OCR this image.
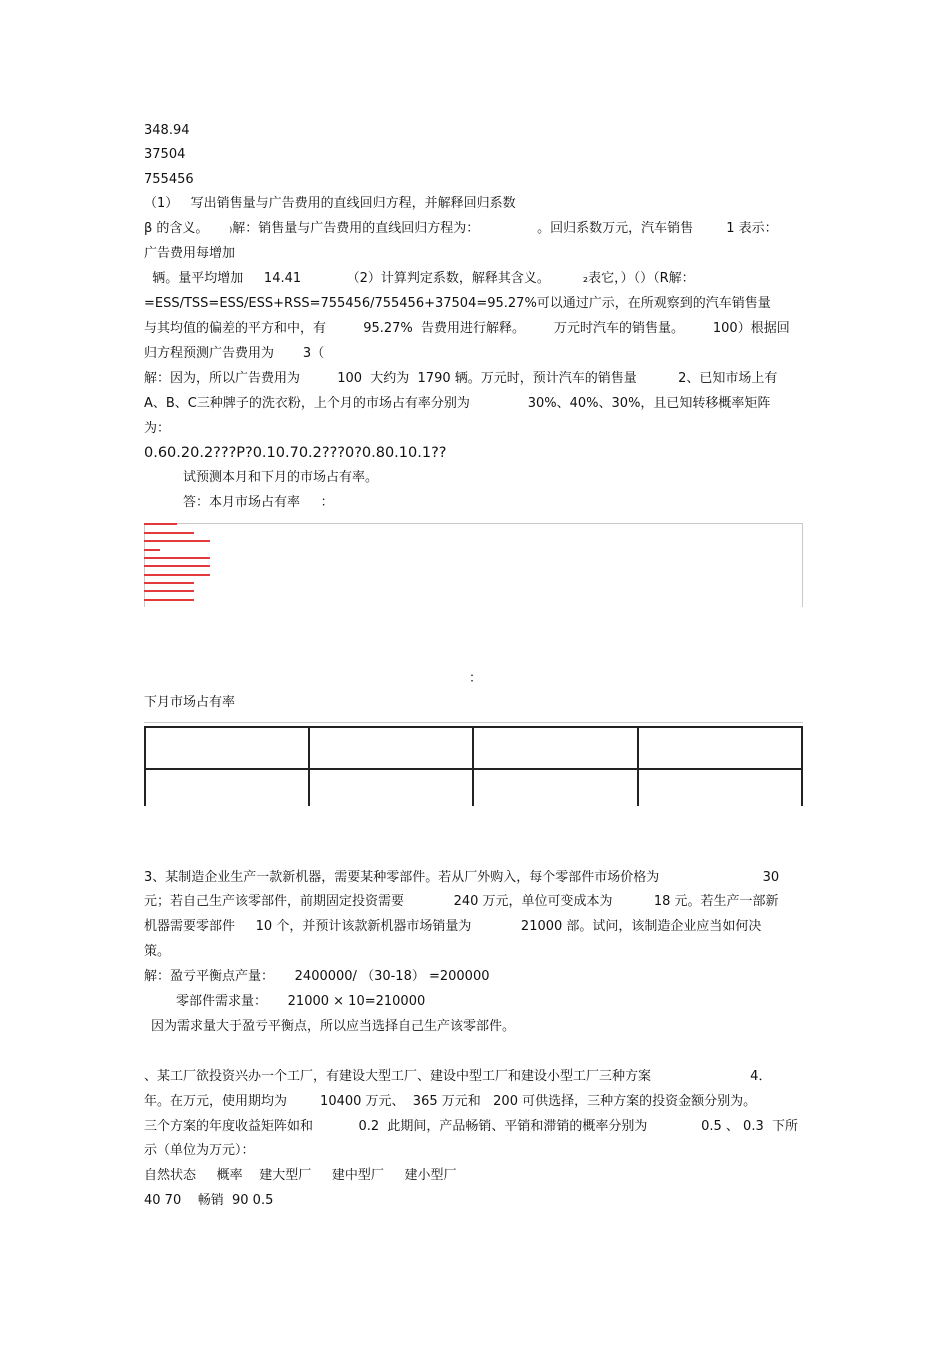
348.94
37504
755456
（1）   写出销售量与广告费用的直线回归方程，并解释回归系数
β 的含义。     ₎解：销售量与广告费用的直线回归方程为：              。回归系数万元，汽车销售        1 表示：
广告费用每增加
辆。量平均增加     14.41           （2）计算判定系数，解释其含义。        ₂表它，）（）（R解：
=ESS/TSS=ESS/ESS+RSS=755456/755456+37504=95.27%可以通过广示，在所观察到的汽车销售量
与其均值的偏差的平方和中，有         95.27%  告费用进行解释。       万元时汽车的销售量。       100）根据回
归方程预测广告费用为       3（
解：因为，所以广告费用为         100  大约为  1790 辆。万元时，预计汽车的销售量          2、已知市场上有
A、B、C三种牌子的洗衣粉，上个月的市场占有率分别为              30%、40%、30%，且已知转移概率矩阵
为：
0.60.20.2???P?0.10.70.2???0?0.80.10.1??
试预测本月和下月的市场占有率。
答：本月市场占有率     ：
：
下月市场占有率
3、某制造企业生产一款新机器，需要某种零部件。若从厂外购入，每个零部件市场价格为                         30
元；若自己生产该零部件，前期固定投资需要            240 万元，单位可变成本为          18 元。若生产一部新
机器需要零部件     10 个，并预计该款新机器市场销量为            21000 部。试问，该制造企业应当如何决
策。
解：盈亏平衡点产量：     2400000/ （30-18） =200000
零部件需求量：     21000 × 10=210000
因为需求量大于盈亏平衡点，所以应当选择自己生产该零部件。
、某工厂欲投资兴办一个工厂，有建设大型工厂、建设中型工厂和建设小型工厂三种方案                        4．
年。在万元，使用期均为        10400 万元、  365 万元和   200 可供选择，三种方案的投资金额分别为。
三个方案的年度收益矩阵如和           0.2  此期间，产品畅销、平销和滞销的概率分别为             0.5 、 0.3  下所
示（单位为万元）：
自然状态     概率    建大型厂     建中型厂     建小型厂
40 70    畅销  90 0.5
